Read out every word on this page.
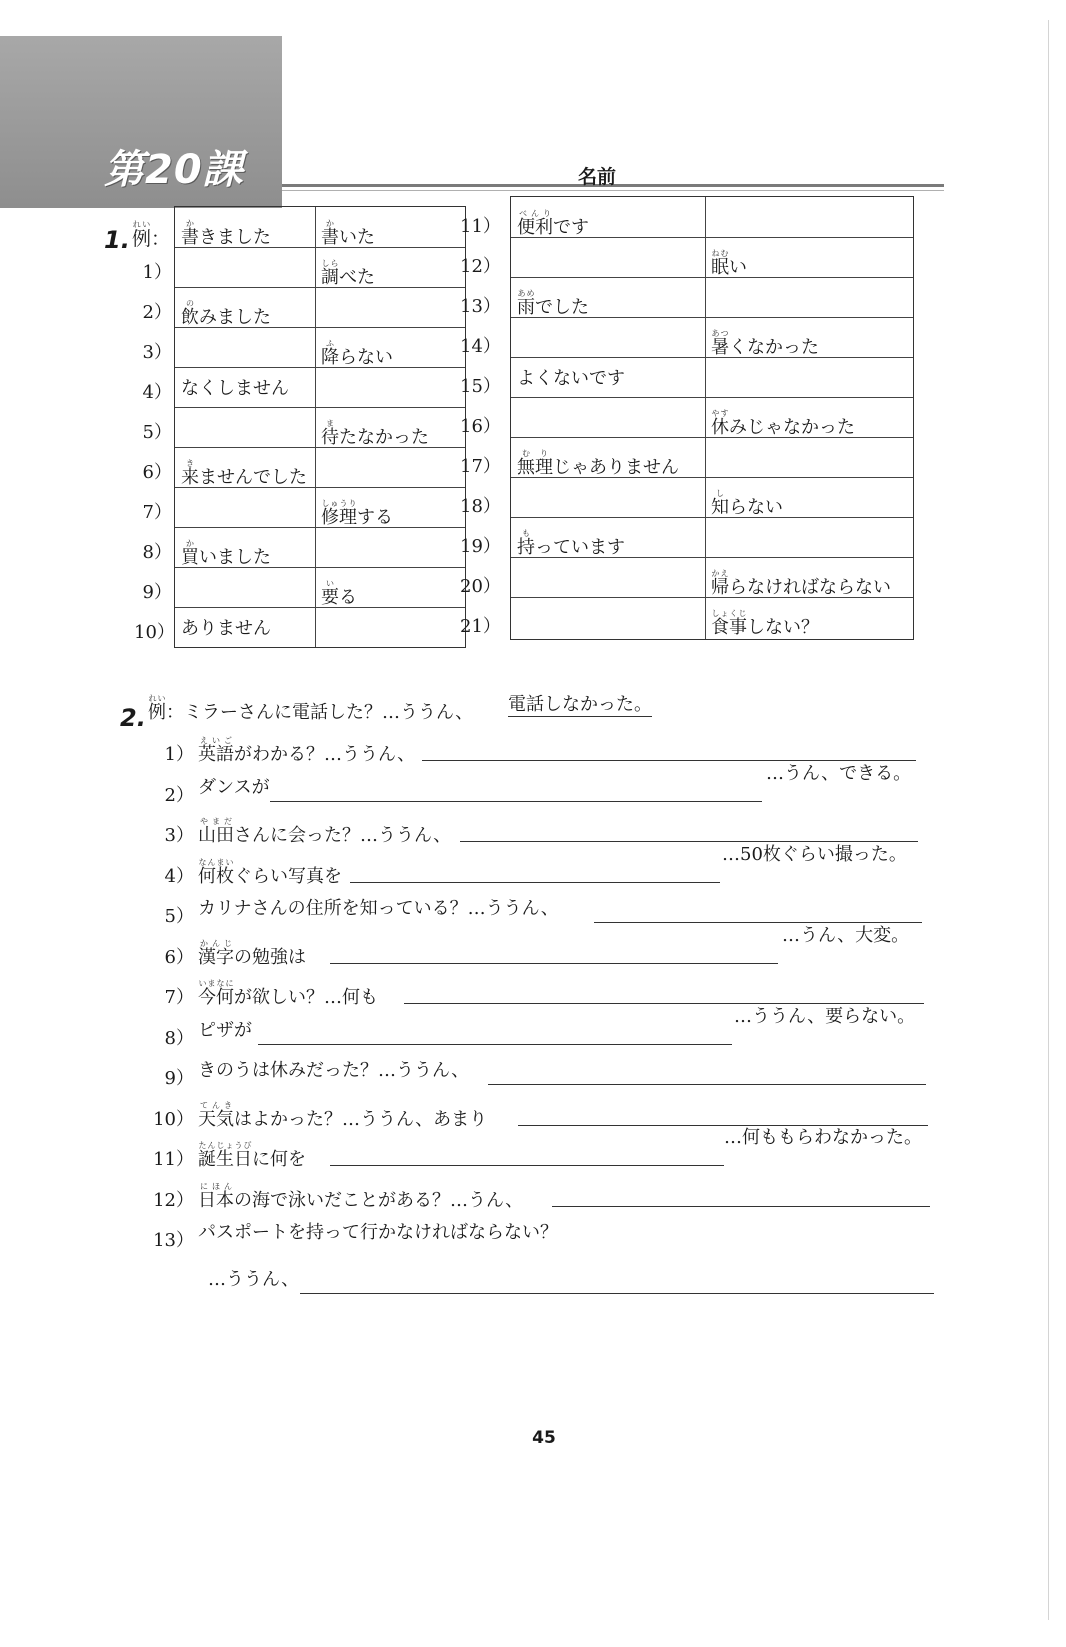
第20課	名前
1. 例れい： 書かきました	書かいた
調しらべた
飲のみました
降ふらない
なくしません
待またなかった
来きませんでした
修理しゅうりする
買かいました
要いる
ありません
便利べんりです
眠ねむい
雨あめでした
暑あつくなかった
よくないです
休やすみじゃなかった
無理むりじゃありません
知しらない
持もっています
帰かえらなければならない
食事しょくじしない？
2. 例れい：ミラーさんに電話した？…ううん、 電話しなかった。
1） 英語えいごがわかる？…ううん、
2） ダンスが
…うん、できる。
3） 山田やまださんに会った？…ううん、
4） 何枚なんまいぐらい写真を
…50枚ぐらい撮った。
5） カリナさんの住所を知っている？…ううん、
6） 漢字かんじの勉強は
…うん、大変。
7） 今何いまなにが欲しい？…何も
8） ピザが
…ううん、要らない。
9） きのうは休みだった？…ううん、
10） 天気てんきはよかった？…ううん、あまり
11） 誕生日たんじょうびに何を
…何ももらわなかった。
12） 日本にほんの海で泳いだことがある？…うん、
13） パスポートを持って行かなければならない？
…ううん、
45
1）
2）
3）
4）
5）
6）
7）
8）
9）
10）
11）
12）
13）
14）
15）
16）
17）
18）
19）
20）
21）
